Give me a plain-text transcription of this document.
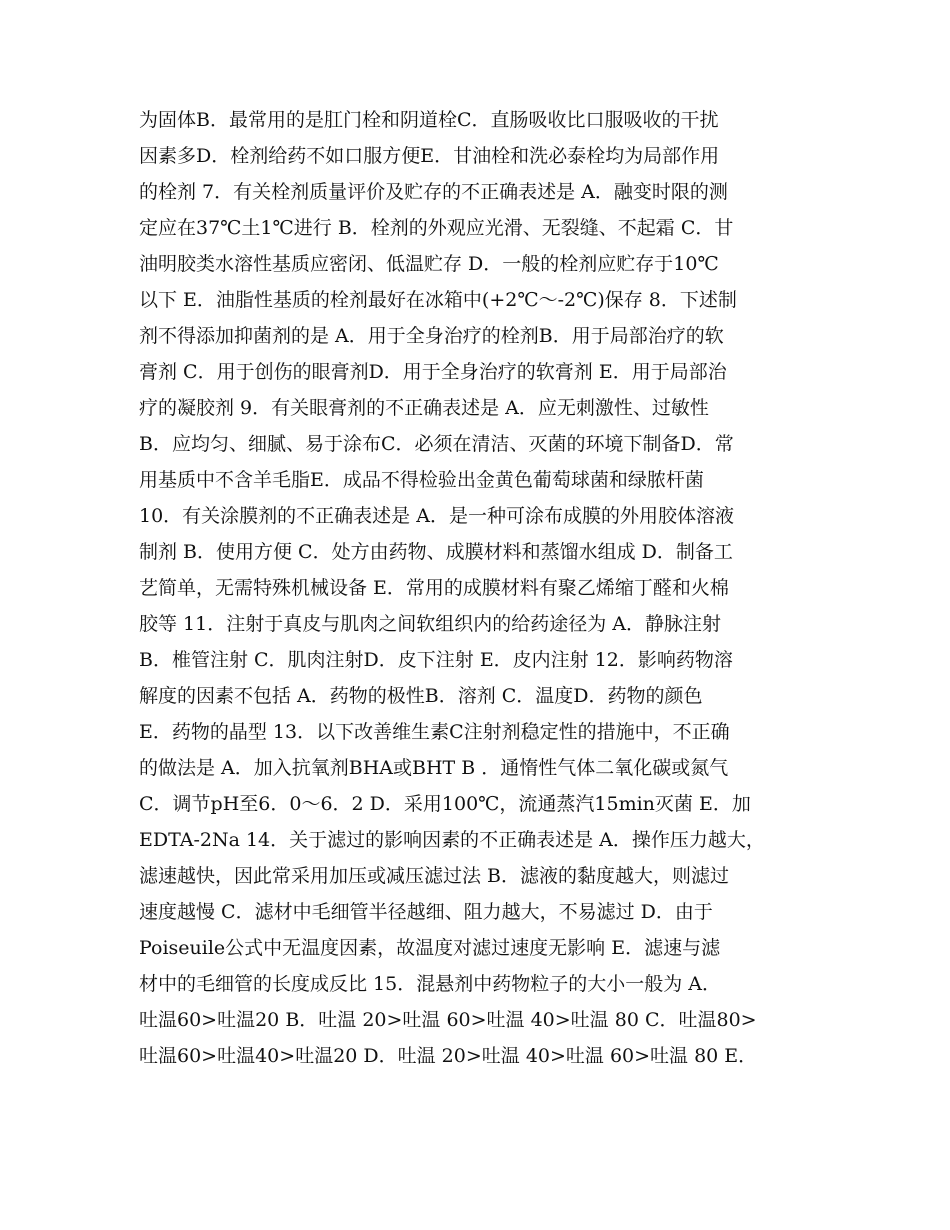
为固体B．最常用的是肛门栓和阴道栓C．直肠吸收比口服吸收的干扰
因素多D．栓剂给药不如口服方便E．甘油栓和洗必泰栓均为局部作用
的栓剂 7．有关栓剂质量评价及贮存的不正确表述是 A．融变时限的测
定应在37℃土1℃进行 B．栓剂的外观应光滑、无裂缝、不起霜 C．甘
油明胶类水溶性基质应密闭、低温贮存 D．一般的栓剂应贮存于10℃
以下 E．油脂性基质的栓剂最好在冰箱中(+2℃～-2℃)保存 8．下述制
剂不得添加抑菌剂的是 A．用于全身治疗的栓剂B．用于局部治疗的软
膏剂 C．用于创伤的眼膏剂D．用于全身治疗的软膏剂 E．用于局部治
疗的凝胶剂 9．有关眼膏剂的不正确表述是 A．应无刺激性、过敏性
B．应均匀、细腻、易于涂布C．必须在清洁、灭菌的环境下制备D．常
用基质中不含羊毛脂E．成品不得检验出金黄色葡萄球菌和绿脓杆菌
10．有关涂膜剂的不正确表述是 A．是一种可涂布成膜的外用胶体溶液
制剂 B．使用方便 C．处方由药物、成膜材料和蒸馏水组成 D．制备工
艺简单，无需特殊机械设备 E．常用的成膜材料有聚乙烯缩丁醛和火棉
胶等 11．注射于真皮与肌肉之间软组织内的给药途径为 A．静脉注射
B．椎管注射 C．肌肉注射D．皮下注射 E．皮内注射 12．影响药物溶
解度的因素不包括 A．药物的极性B．溶剂 C．温度D．药物的颜色
E．药物的晶型 13．以下改善维生素C注射剂稳定性的措施中，不正确
的做法是 A．加入抗氧剂BHA或BHT B ．通惰性气体二氧化碳或氮气
C．调节pH至6．0～6．2 D．采用100℃，流通蒸汽15min灭菌 E．加
EDTA-2Na 14．关于滤过的影响因素的不正确表述是 A．操作压力越大，
滤速越快，因此常采用加压或减压滤过法 B．滤液的黏度越大，则滤过
速度越慢 C．滤材中毛细管半径越细、阻力越大，不易滤过 D．由于
Poiseuile公式中无温度因素，故温度对滤过速度无影响 E．滤速与滤
材中的毛细管的长度成反比 15．混悬剂中药物粒子的大小一般为 A．
吐温60>吐温20 B．吐温 20>吐温 60>吐温 40>吐温 80 C．吐温80>
吐温60>吐温40>吐温20 D．吐温 20>吐温 40>吐温 60>吐温 80 E．
